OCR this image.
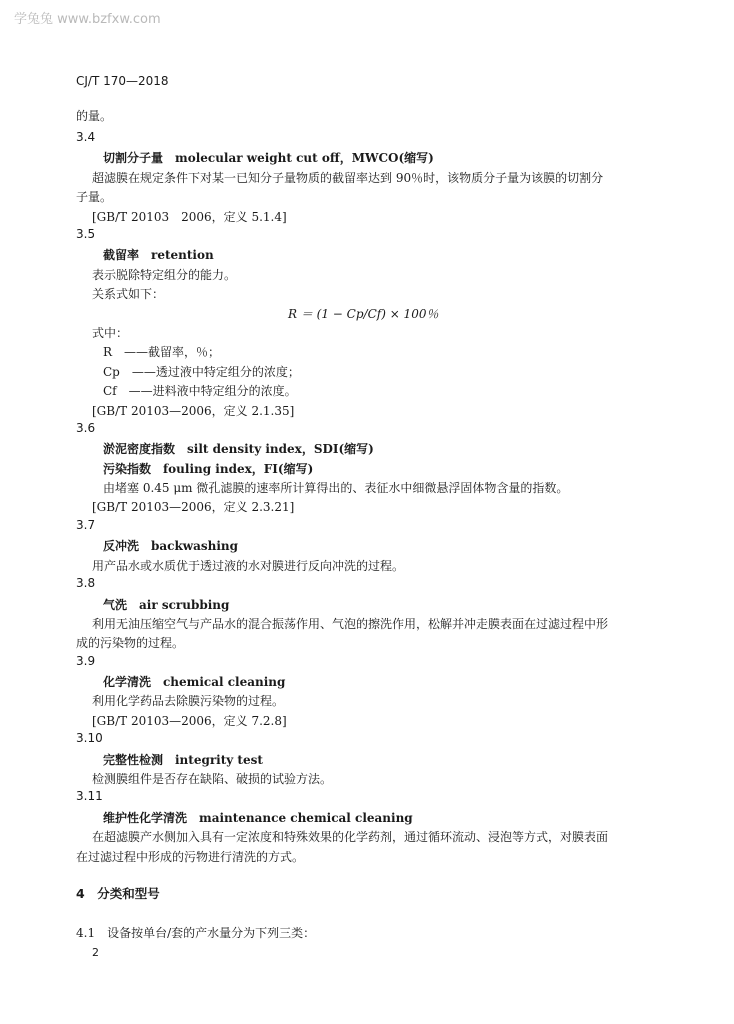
学兔兔 www.bzfxw.com
CJ/T 170—2018
的量。
3.4
切割分子量　molecular weight cut off，MWCO(缩写)
超滤膜在规定条件下对某一已知分子量物质的截留率达到 90％时，该物质分子量为该膜的切割分
子量。
[GB/T 20103　2006，定义 5.1.4]
3.5
截留率　retention
表示脱除特定组分的能力。
关系式如下：
R ＝ (1 − Cp/Cf) × 100％
式中：
R　——截留率，％；
Cp　——透过液中特定组分的浓度；
Cf　——进料液中特定组分的浓度。
[GB/T 20103—2006，定义 2.1.35]
3.6
淤泥密度指数　silt density index，SDI(缩写)
污染指数　fouling index，FI(缩写)
由堵塞 0.45 μm 微孔滤膜的速率所计算得出的、表征水中细微悬浮固体物含量的指数。
[GB/T 20103—2006，定义 2.3.21]
3.7
反冲洗　backwashing
用产品水或水质优于透过液的水对膜进行反向冲洗的过程。
3.8
气洗　air scrubbing
利用无油压缩空气与产品水的混合振荡作用、气泡的擦洗作用，松解并冲走膜表面在过滤过程中形
成的污染物的过程。
3.9
化学清洗　chemical cleaning
利用化学药品去除膜污染物的过程。
[GB/T 20103—2006，定义 7.2.8]
3.10
完整性检测　integrity test
检测膜组件是否存在缺陷、破损的试验方法。
3.11
维护性化学清洗　maintenance chemical cleaning
在超滤膜产水侧加入具有一定浓度和特殊效果的化学药剂，通过循环流动、浸泡等方式，对膜表面
在过滤过程中形成的污物进行清洗的方式。
4　分类和型号
4.1　设备按单台/套的产水量分为下列三类：
2
